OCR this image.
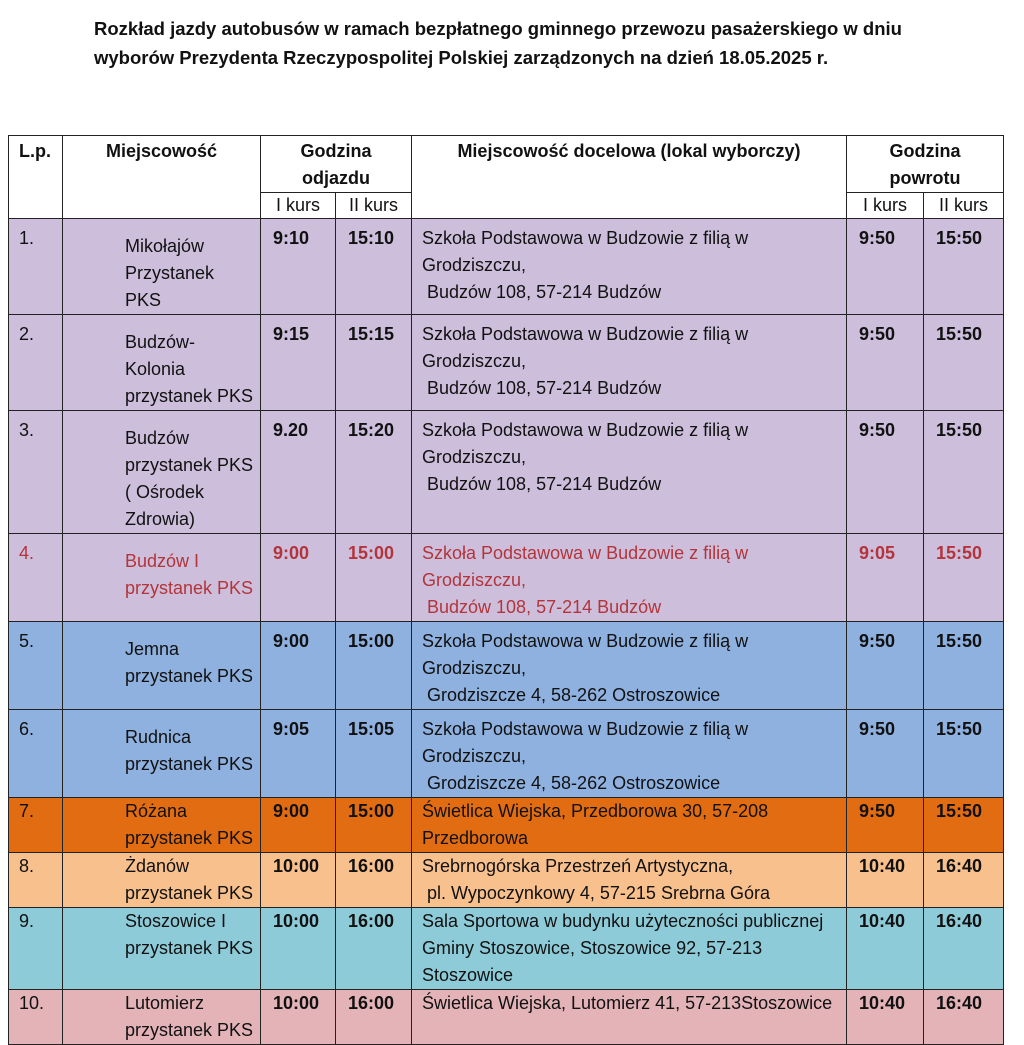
Rozkład jazdy autobusów w ramach bezpłatnego gminnego przewozu pasażerskiego w dniu wyborów Prezydenta Rzeczypospolitej Polskiej zarządzonych na dzień 18.05.2025 r.
L.p.	Miejscowość	Godzina odjazdu		Miejscowość docelowa (lokal wyborczy)	Godzina powrotu	
		I kurs	II kurs		I kurs	II kurs
1.	Mikołajów Przystanek PKS	9:10	15:10	Szkoła Podstawowa w Budzowie z filią w Grodziszczu,
Budzów 108, 57-214 Budzów	9:50	15:50
2.	Budzów-Kolonia przystanek PKS	9:15	15:15	Szkoła Podstawowa w Budzowie z filią w Grodziszczu,
Budzów 108, 57-214 Budzów	9:50	15:50
3.	Budzów przystanek PKS ( Ośrodek Zdrowia)	9.20	15:20	Szkoła Podstawowa w Budzowie z filią w Grodziszczu,
Budzów 108, 57-214 Budzów	9:50	15:50
4.	Budzów I przystanek PKS	9:00	15:00	Szkoła Podstawowa w Budzowie z filią w Grodziszczu,
Budzów 108, 57-214 Budzów	9:05	15:50
5.	Jemna przystanek PKS	9:00	15:00	Szkoła Podstawowa w Budzowie z filią w Grodziszczu,
Grodziszcze 4, 58-262 Ostroszowice	9:50	15:50
6.	Rudnica przystanek PKS	9:05	15:05	Szkoła Podstawowa w Budzowie z filią w Grodziszczu,
Grodziszcze 4, 58-262 Ostroszowice	9:50	15:50
7.	Różana przystanek PKS	9:00	15:00	Świetlica Wiejska, Przedborowa 30, 57-208 Przedborowa	9:50	15:50
8.	Żdanów przystanek PKS	10:00	16:00	Srebrnogórska Przestrzeń Artystyczna,
pl. Wypoczynkowy 4, 57-215 Srebrna Góra	10:40	16:40
9.	Stoszowice I przystanek PKS	10:00	16:00	Sala Sportowa w budynku użyteczności publicznej Gminy Stoszowice, Stoszowice 92, 57-213 Stoszowice	10:40	16:40
10.	Lutomierz przystanek PKS	10:00	16:00	Świetlica Wiejska, Lutomierz 41, 57-213Stoszowice	10:40	16:40
